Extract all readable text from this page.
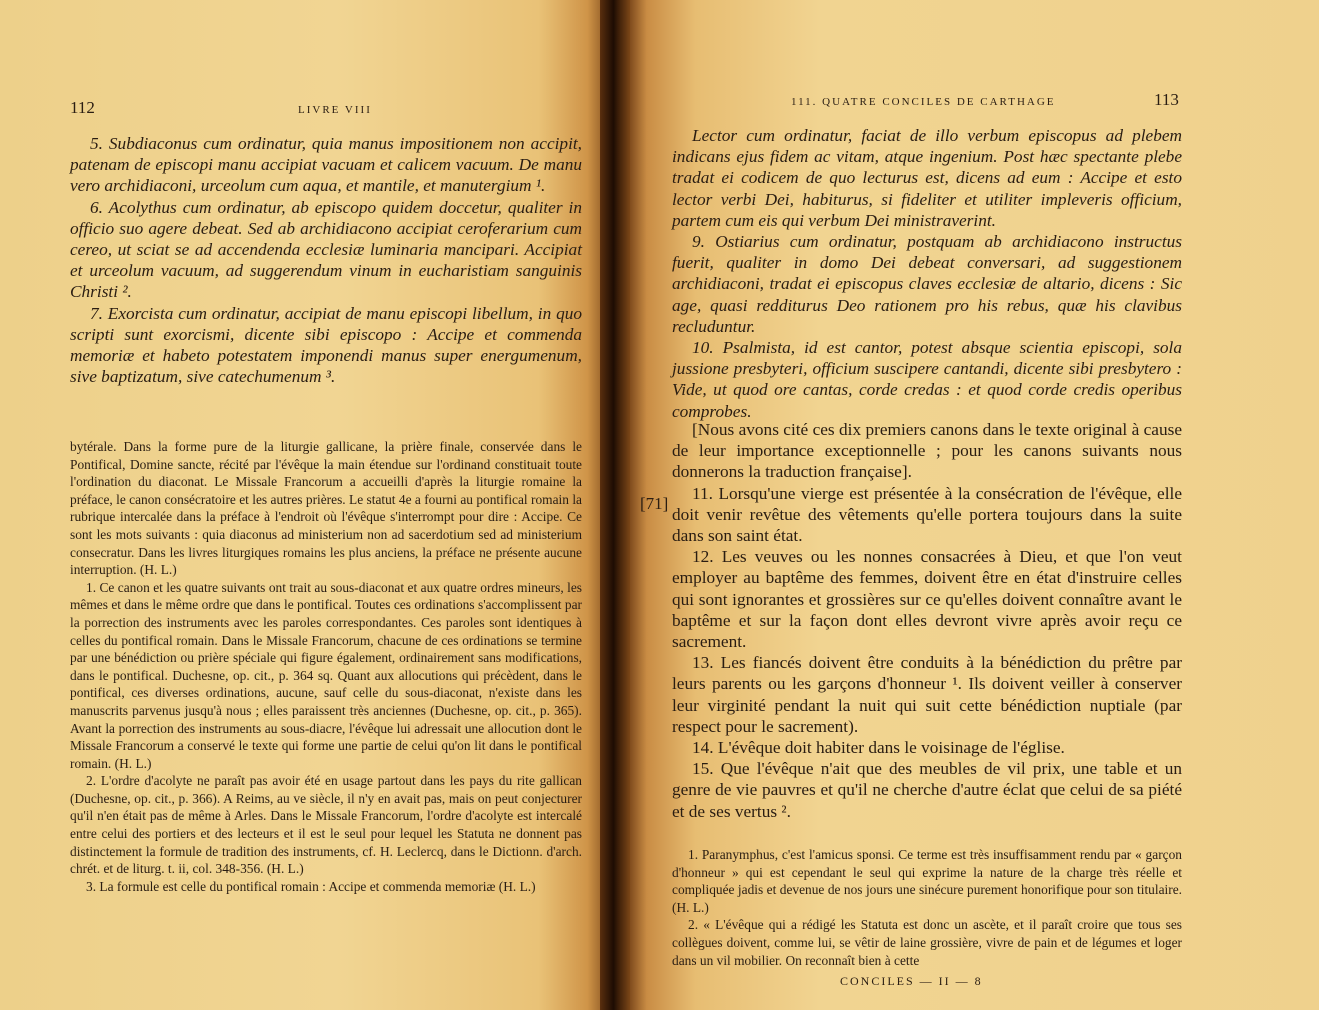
112	LIVRE VIII

5. Subdiaconus cum ordinatur, quia manus impositionem non accipit, patenam de episcopi manu accipiat vacuam et calicem vacuum. De manu vero archidiaconi, urceolum cum aqua, et mantile, et manutergium ¹.

6. Acolythus cum ordinatur, ab episcopo quidem doccetur, qualiter in officio suo agere debeat. Sed ab archidiacono accipiat ceroferarium cum cereo, ut sciat se ad accendenda ecclesiæ luminaria mancipari. Accipiat et urceolum vacuum, ad suggerendum vinum in eucharistiam sanguinis Christi ².

7. Exorcista cum ordinatur, accipiat de manu episcopi libellum, in quo scripti sunt exorcismi, dicente sibi episcopo : Accipe et commenda memoriæ et habeto potestatem imponendi manus super energumenum, sive baptizatum, sive catechumenum ³.

bytérale. Dans la forme pure de la liturgie gallicane, la prière finale, conservée dans le Pontifical, Domine sancte, récité par l'évêque la main étendue sur l'ordinand constituait toute l'ordination du diaconat. Le Missale Francorum a accueilli d'après la liturgie romaine la préface, le canon consécratoire et les autres prières. Le statut 4e a fourni au pontifical romain la rubrique intercalée dans la préface à l'endroit où l'évêque s'interrompt pour dire : Accipe. Ce sont les mots suivants : quia diaconus ad ministerium non ad sacerdotium sed ad ministerium consecratur. Dans les livres liturgiques romains les plus anciens, la préface ne présente aucune interruption. (H. L.)

1. Ce canon et les quatre suivants ont trait au sous-diaconat et aux quatre ordres mineurs, les mêmes et dans le même ordre que dans le pontifical. Toutes ces ordinations s'accomplissent par la porrection des instruments avec les paroles correspondantes. Ces paroles sont identiques à celles du pontifical romain. Dans le Missale Francorum, chacune de ces ordinations se termine par une bénédiction ou prière spéciale qui figure également, ordinairement sans modifications, dans le pontifical. Duchesne, op. cit., p. 364 sq. Quant aux allocutions qui précèdent, dans le pontifical, ces diverses ordinations, aucune, sauf celle du sous-diaconat, n'existe dans les manuscrits parvenus jusqu'à nous ; elles paraissent très anciennes (Duchesne, op. cit., p. 365). Avant la porrection des instruments au sous-diacre, l'évêque lui adressait une allocution dont le Missale Francorum a conservé le texte qui forme une partie de celui qu'on lit dans le pontifical romain. (H. L.)

2. L'ordre d'acolyte ne paraît pas avoir été en usage partout dans les pays du rite gallican (Duchesne, op. cit., p. 366). A Reims, au ve siècle, il n'y en avait pas, mais on peut conjecturer qu'il n'en était pas de même à Arles. Dans le Missale Francorum, l'ordre d'acolyte est intercalé entre celui des portiers et des lecteurs et il est le seul pour lequel les Statuta ne donnent pas distinctement la formule de tradition des instruments, cf. H. Leclercq, dans le Dictionn. d'arch. chrét. et de liturg. t. ii, col. 348-356. (H. L.)

3. La formule est celle du pontifical romain : Accipe et commenda memoriæ (H. L.)

111. QUATRE CONCILES DE CARTHAGE	113

Lector cum ordinatur, faciat de illo verbum episcopus ad plebem indicans ejus fidem ac vitam, atque ingenium. Post hæc spectante plebe tradat ei codicem de quo lecturus est, dicens ad eum : Accipe et esto lector verbi Dei, habiturus, si fideliter et utiliter impleveris officium, partem cum eis qui verbum Dei ministraverint.

9. Ostiarius cum ordinatur, postquam ab archidiacono instructus fuerit, qualiter in domo Dei debeat conversari, ad suggestionem archidiaconi, tradat ei episcopus claves ecclesiæ de altario, dicens : Sic age, quasi redditurus Deo rationem pro his rebus, quæ his clavibus recluduntur.

10. Psalmista, id est cantor, potest absque scientia episcopi, sola jussione presbyteri, officium suscipere cantandi, dicente sibi presbytero : Vide, ut quod ore cantas, corde credas : et quod corde credis operibus comprobes.

[71]

[Nous avons cité ces dix premiers canons dans le texte original à cause de leur importance exceptionnelle ; pour les canons suivants nous donnerons la traduction française].

11. Lorsqu'une vierge est présentée à la consécration de l'évêque, elle doit venir revêtue des vêtements qu'elle portera toujours dans la suite dans son saint état.

12. Les veuves ou les nonnes consacrées à Dieu, et que l'on veut employer au baptême des femmes, doivent être en état d'instruire celles qui sont ignorantes et grossières sur ce qu'elles doivent connaître avant le baptême et sur la façon dont elles devront vivre après avoir reçu ce sacrement.

13. Les fiancés doivent être conduits à la bénédiction du prêtre par leurs parents ou les garçons d'honneur ¹. Ils doivent veiller à conserver leur virginité pendant la nuit qui suit cette bénédiction nuptiale (par respect pour le sacrement).

14. L'évêque doit habiter dans le voisinage de l'église.

15. Que l'évêque n'ait que des meubles de vil prix, une table et un genre de vie pauvres et qu'il ne cherche d'autre éclat que celui de sa piété et de ses vertus ².

1. Paranymphus, c'est l'amicus sponsi. Ce terme est très insuffisamment rendu par « garçon d'honneur » qui est cependant le seul qui exprime la nature de la charge très réelle et compliquée jadis et devenue de nos jours une sinécure purement honorifique pour son titulaire. (H. L.)

2. « L'évêque qui a rédigé les Statuta est donc un ascète, et il paraît croire que tous ses collègues doivent, comme lui, se vêtir de laine grossière, vivre de pain et de légumes et loger dans un vil mobilier. On reconnaît bien à cette

CONCILES — II — 8
